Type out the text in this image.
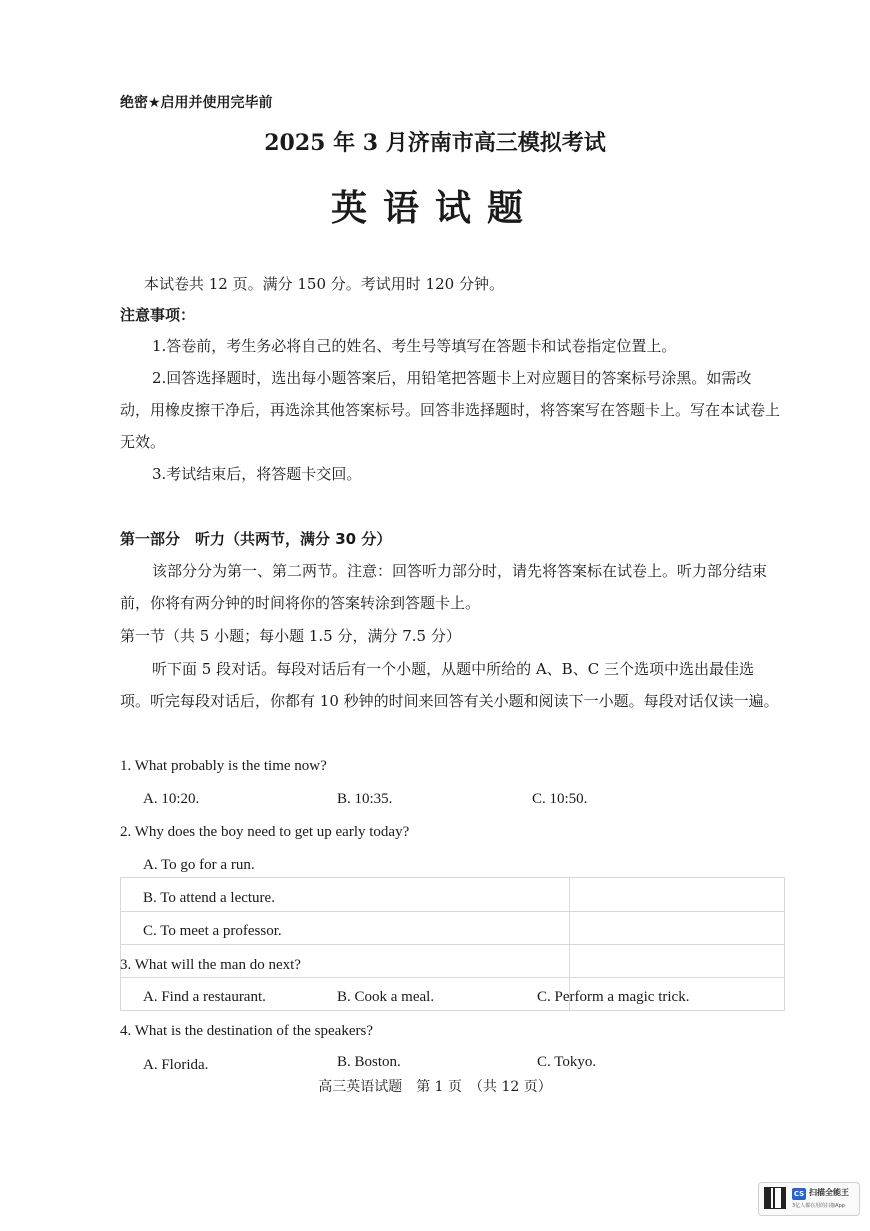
绝密★启用并使用完毕前
2025 年 3 月济南市高三模拟考试
英语试题
本试卷共 12 页。满分 150 分。考试用时 120 分钟。
注意事项：
1.答卷前，考生务必将自己的姓名、考生号等填写在答题卡和试卷指定位置上。
2.回答选择题时，选出每小题答案后，用铅笔把答题卡上对应题目的答案标号涂黑。如需改动，用橡皮擦干净后，再选涂其他答案标号。回答非选择题时，将答案写在答题卡上。写在本试卷上无效。
3.考试结束后，将答题卡交回。
第一部分　听力（共两节，满分 30 分）
该部分分为第一、第二两节。注意：回答听力部分时，请先将答案标在试卷上。听力部分结束前，你将有两分钟的时间将你的答案转涂到答题卡上。
第一节（共 5 小题；每小题 1.5 分，满分 7.5 分）
听下面 5 段对话。每段对话后有一个小题，从题中所给的 A、B、C 三个选项中选出最佳选项。听完每段对话后，你都有 10 秒钟的时间来回答有关小题和阅读下一小题。每段对话仅读一遍。
1. What probably is the time now?
A. 10:20.	B. 10:35.	C. 10:50.
2. Why does the boy need to get up early today?
A. To go for a run.
B. To attend a lecture.
C. To meet a professor.
3. What will the man do next?
A. Find a restaurant.	B. Cook a meal.	C. Perform a magic trick.
4. What is the destination of the speakers?
A. Florida.	B. Boston.	C. Tokyo.
高三英语试题　第 1 页　（共 12 页）
CS 扫描全能王
3亿人都在用的扫描App
